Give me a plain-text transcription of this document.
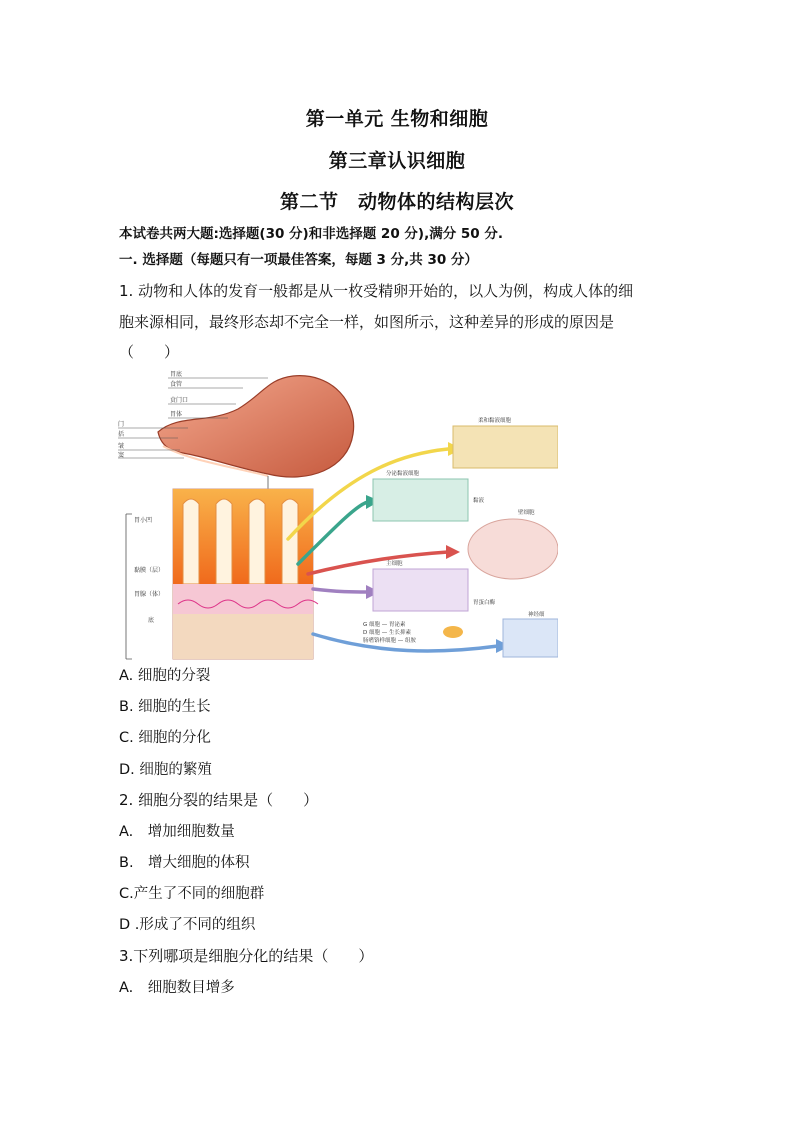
第一单元 生物和细胞
第三章认识细胞
第二节　动物体的结构层次
本试卷共两大题:选择题(30 分)和非选择题 20 分),满分 50 分.
一. 选择题（每题只有一项最佳答案，每题 3 分,共 30 分）
1. 动物和人体的发育一般都是从一枚受精卵开始的，以人为例，构成人体的细
胞来源相同，最终形态却不完全一样，如图所示，这种差异的形成的原因是
（　　）
胃底
食管
贲门口
胃体
门
括
皱
窦
胃小凹
黏膜（层）
胃腺（体）
底
柔和黏液细胞
分泌黏液细胞
黏液
壁细胞
主细胞
胃蛋白酶
神经细
G 细胞 — 胃泌素
D 细胞 — 生长抑素
肠嗜铬样细胞 — 组胺
A. 细胞的分裂
B. 细胞的生长
C. 细胞的分化
D. 细胞的繁殖
2. 细胞分裂的结果是（　　）
A.　增加细胞数量
B.　增大细胞的体积
C.产生了不同的细胞群
D .形成了不同的组织
3.下列哪项是细胞分化的结果（　　）
A.　细胞数目增多
